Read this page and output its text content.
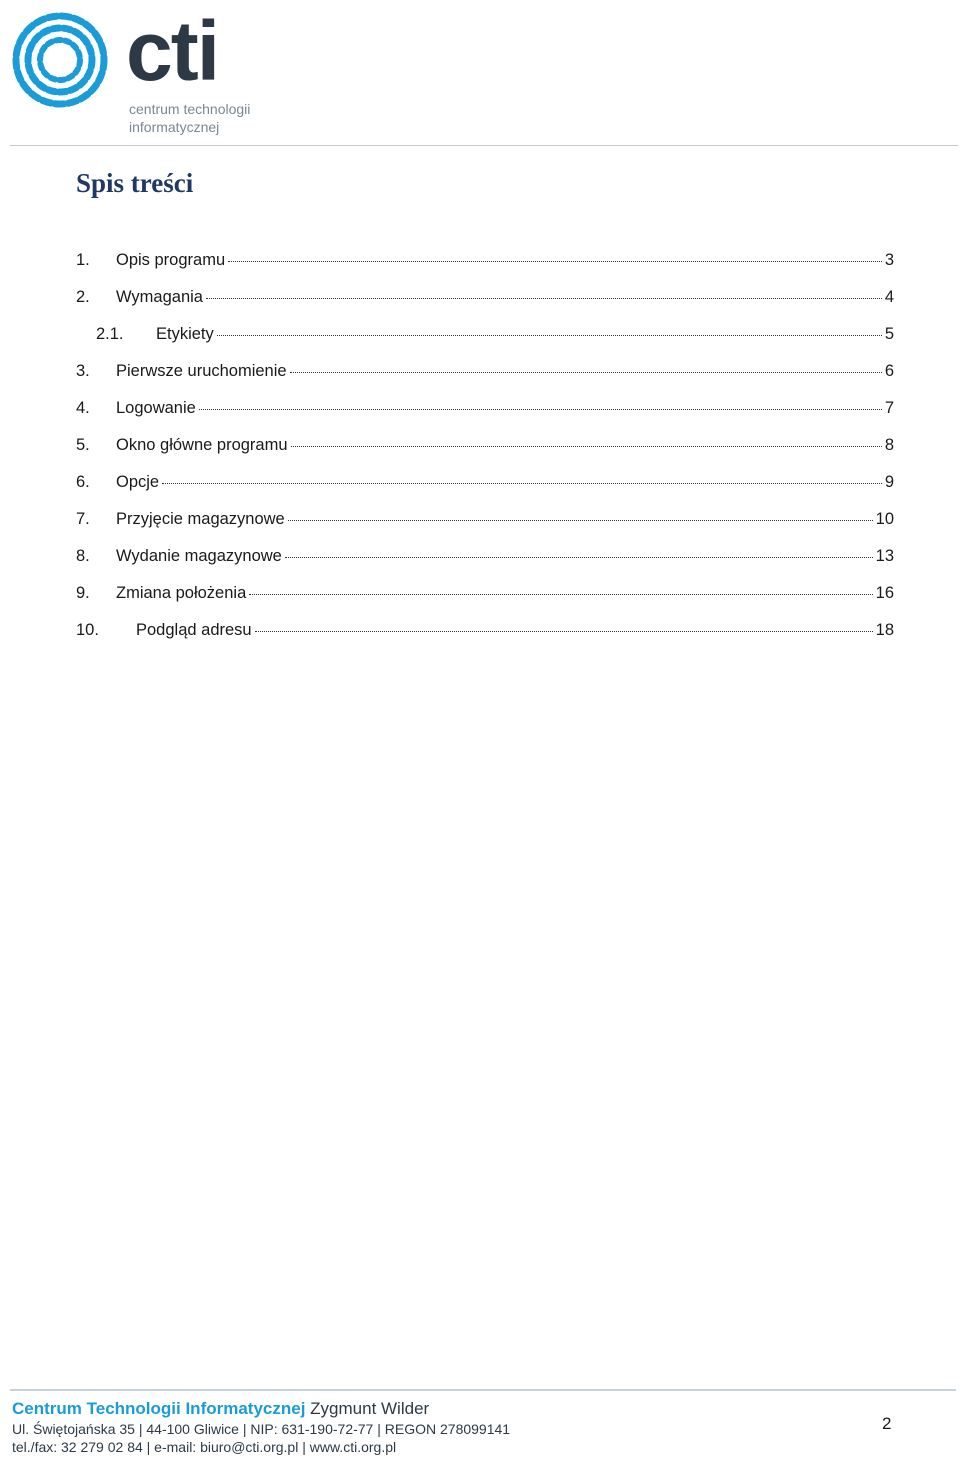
cti
centrum technologii
informatycznej
Spis treści
1.	Opis programu	3
2.	Wymagania	4
2.1.	Etykiety	5
3.	Pierwsze uruchomienie	6
4.	Logowanie	7
5.	Okno główne programu	8
6.	Opcje	9
7.	Przyjęcie magazynowe	10
8.	Wydanie magazynowe	13
9.	Zmiana położenia	16
10.	Podgląd adresu	18
Centrum Technologii Informatycznej Zygmunt Wilder
Ul. Świętojańska 35 | 44-100 Gliwice | NIP: 631-190-72-77 | REGON 278099141
tel./fax: 32 279 02 84 | e-mail: biuro@cti.org.pl | www.cti.org.pl
2
